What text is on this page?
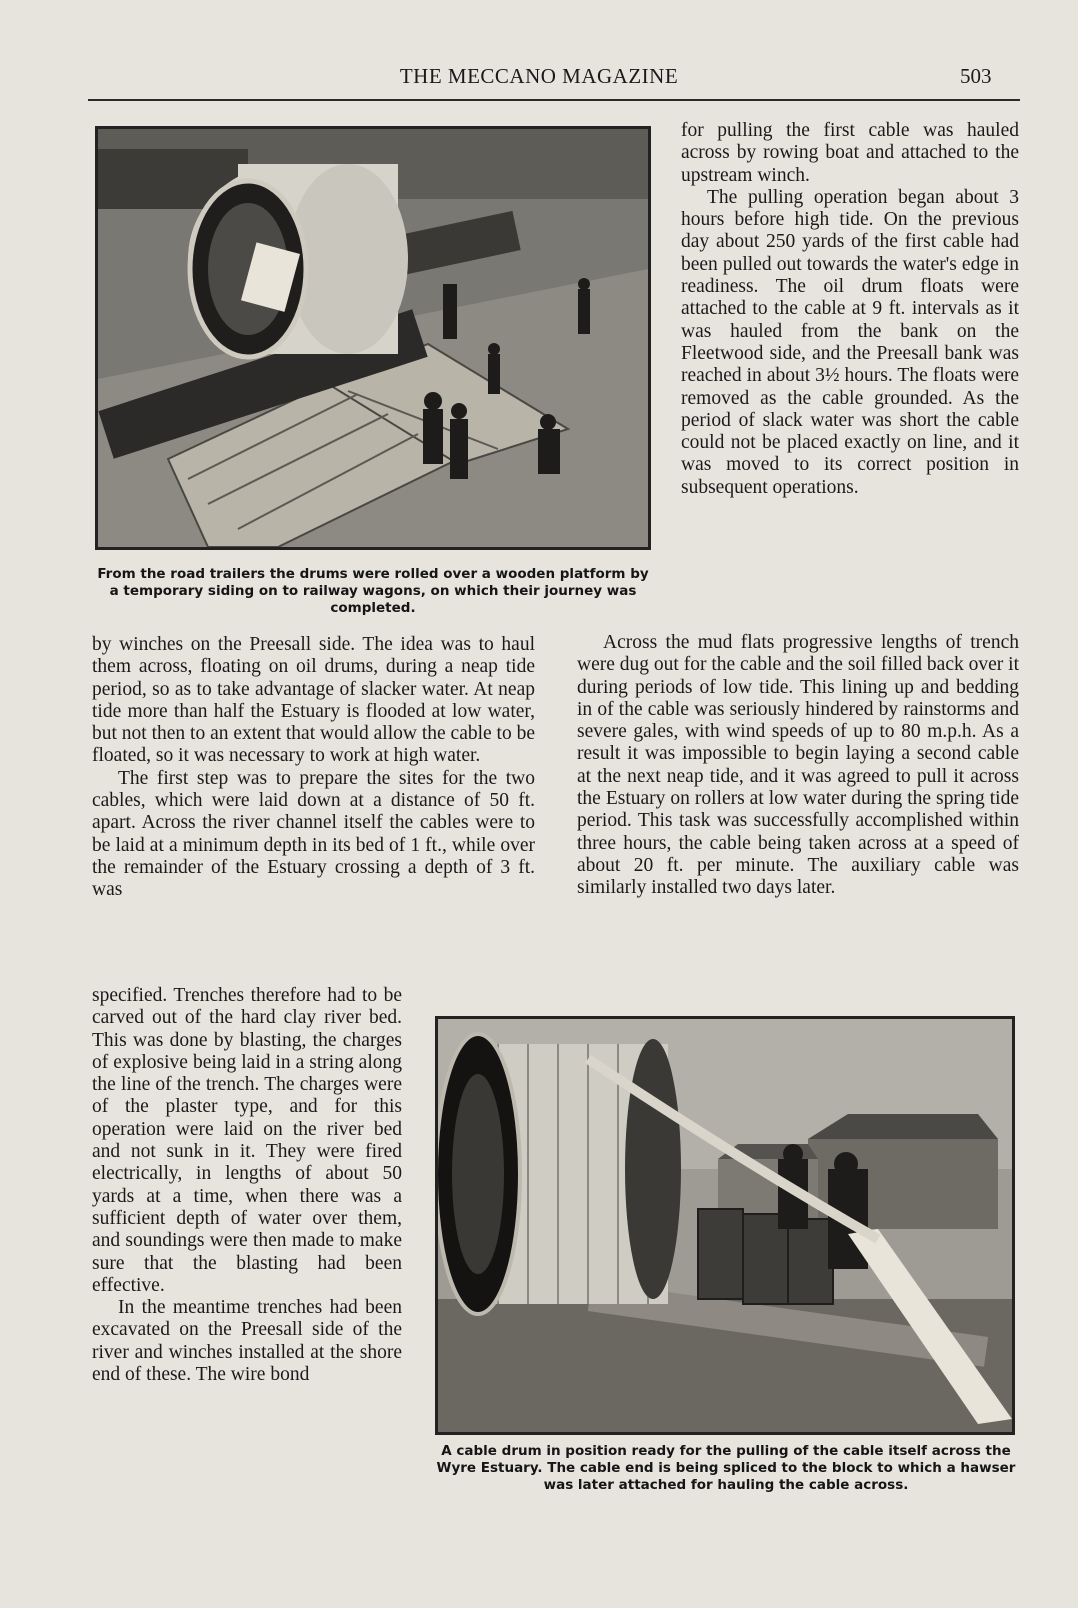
THE MECCANO MAGAZINE	503
From the road trailers the drums were rolled over a wooden platform by a temporary siding on to railway wagons, on which their journey was completed.
A cable drum in position ready for the pulling of the cable itself across the Wyre Estuary. The cable end is being spliced to the block to which a hawser was later attached for hauling the cable across.

for pulling the first cable was hauled across by rowing boat and attached to the upstream winch.

The pulling operation began about 3 hours before high tide. On the previous day about 250 yards of the first cable had been pulled out towards the water's edge in readiness. The oil drum floats were attached to the cable at 9 ft. intervals as it was hauled from the bank on the Fleetwood side, and the Preesall bank was reached in about 3½ hours. The floats were removed as the cable grounded. As the period of slack water was short the cable could not be placed exactly on line, and it was moved to its correct position in subsequent operations.

by winches on the Preesall side. The idea was to haul them across, floating on oil drums, during a neap tide period, so as to take advantage of slacker water. At neap tide more than half the Estuary is flooded at low water, but not then to an extent that would allow the cable to be floated, so it was necessary to work at high water.

The first step was to prepare the sites for the two cables, which were laid down at a distance of 50 ft. apart. Across the river channel itself the cables were to be laid at a minimum depth in its bed of 1 ft., while over the remainder of the Estuary crossing a depth of 3 ft. was

Across the mud flats progressive lengths of trench were dug out for the cable and the soil filled back over it during periods of low tide. This lining up and bedding in of the cable was seriously hindered by rainstorms and severe gales, with wind speeds of up to 80 m.p.h. As a result it was impossible to begin laying a second cable at the next neap tide, and it was agreed to pull it across the Estuary on rollers at low water during the spring tide period. This task was successfully accomplished within three hours, the cable being taken across at a speed of about 20 ft. per minute. The auxiliary cable was similarly installed two days later.

specified. Trenches therefore had to be carved out of the hard clay river bed. This was done by blasting, the charges of explosive being laid in a string along the line of the trench. The charges were of the plaster type, and for this operation were laid on the river bed and not sunk in it. They were fired electrically, in lengths of about 50 yards at a time, when there was a sufficient depth of water over them, and soundings were then made to make sure that the blasting had been effective.

In the meantime trenches had been excavated on the Preesall side of the river and winches installed at the shore end of these. The wire bond
